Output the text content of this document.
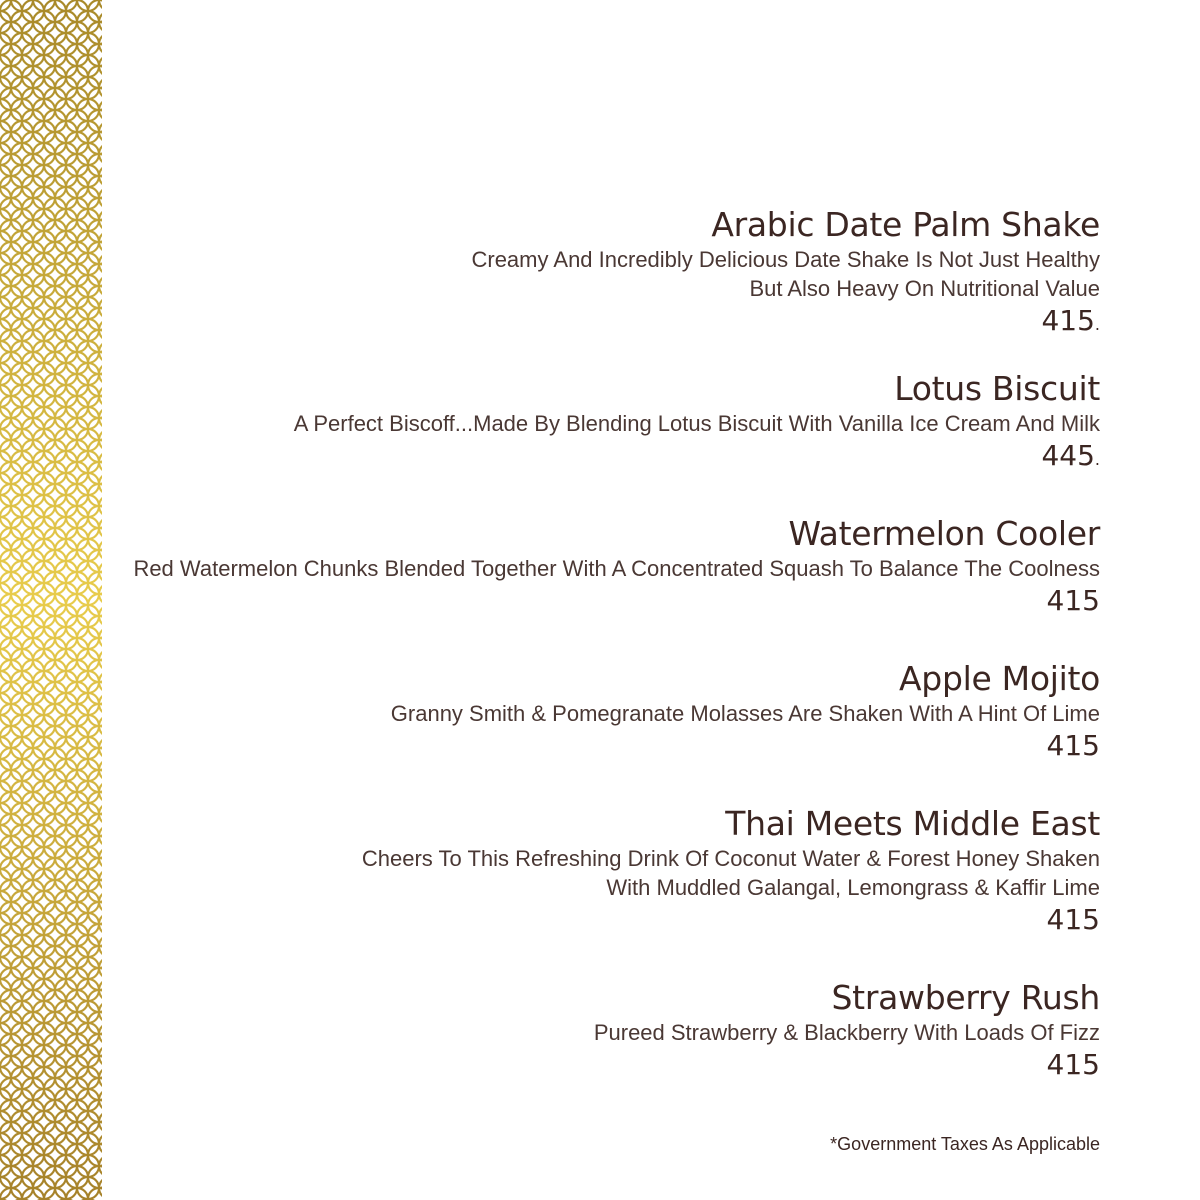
Arabic Date Palm Shake
Creamy And Incredibly Delicious Date Shake Is Not Just Healthy
But Also Heavy On Nutritional Value
415.
Lotus Biscuit
A Perfect Biscoff...Made By Blending Lotus Biscuit With Vanilla Ice Cream And Milk
445.
Watermelon Cooler
Red Watermelon Chunks Blended Together With A Concentrated Squash To Balance The Coolness
415
Apple Mojito
Granny Smith & Pomegranate Molasses Are Shaken With A Hint Of Lime
415
Thai Meets Middle East
Cheers To This Refreshing Drink Of Coconut Water & Forest Honey Shaken
With Muddled Galangal, Lemongrass & Kaffir Lime
415
Strawberry Rush
Pureed Strawberry & Blackberry With Loads Of Fizz
415
*Government Taxes As Applicable
